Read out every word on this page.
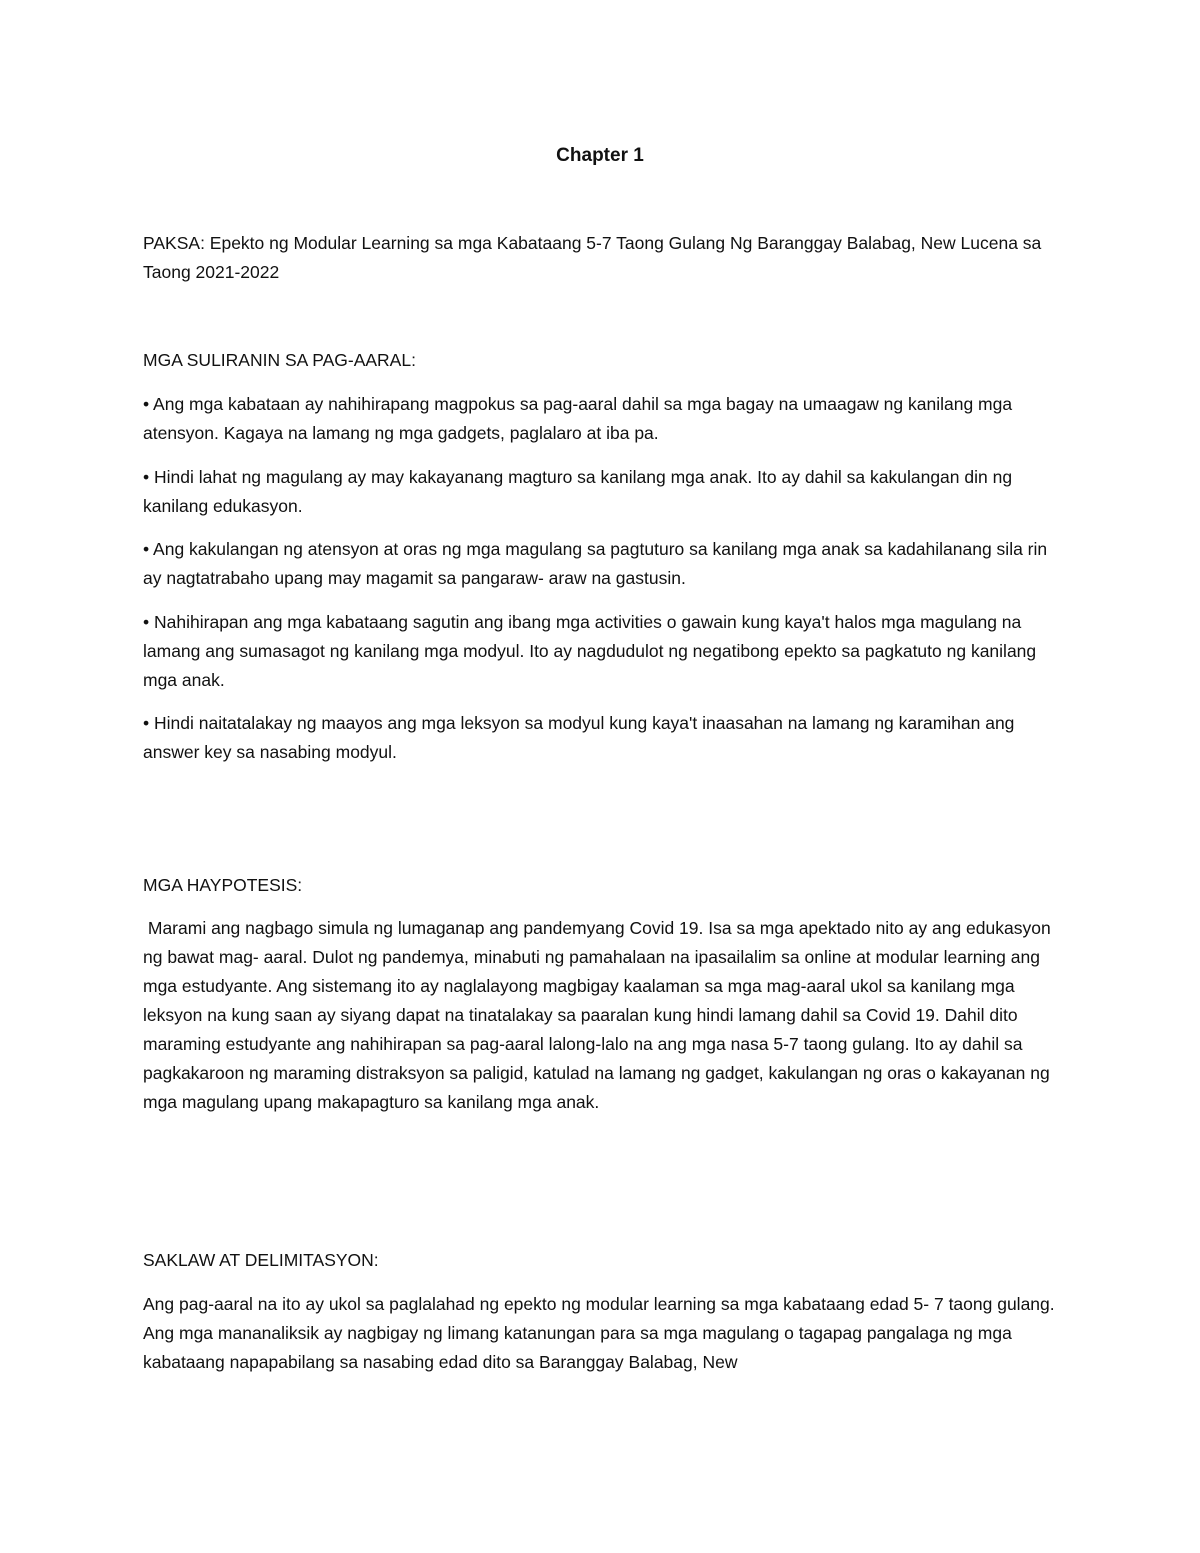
Chapter 1

PAKSA: Epekto ng Modular Learning sa mga Kabataang 5-7 Taong Gulang Ng Baranggay Balabag, New Lucena sa Taong 2021-2022

MGA SULIRANIN SA PAG-AARAL:

• Ang mga kabataan ay nahihirapang magpokus sa pag-aaral dahil sa mga bagay na umaagaw ng kanilang mga atensyon. Kagaya na lamang ng mga gadgets, paglalaro at iba pa.

• Hindi lahat ng magulang ay may kakayanang magturo sa kanilang mga anak. Ito ay dahil sa kakulangan din ng kanilang edukasyon.

• Ang kakulangan ng atensyon at oras ng mga magulang sa pagtuturo sa kanilang mga anak sa kadahilanang sila rin ay nagtatrabaho upang may magamit sa pangaraw- araw na gastusin.

• Nahihirapan ang mga kabataang sagutin ang ibang mga activities o gawain kung kaya't halos mga magulang na lamang ang sumasagot ng kanilang mga modyul. Ito ay nagdudulot ng negatibong epekto sa pagkatuto ng kanilang mga anak.

• Hindi naitatalakay ng maayos ang mga leksyon sa modyul kung kaya't inaasahan na lamang ng karamihan ang answer key sa nasabing modyul.

MGA HAYPOTESIS:

Marami ang nagbago simula ng lumaganap ang pandemyang Covid 19. Isa sa mga apektado nito ay ang edukasyon ng bawat mag- aaral. Dulot ng pandemya, minabuti ng pamahalaan na ipasailalim sa online at modular learning ang mga estudyante. Ang sistemang ito ay naglalayong magbigay kaalaman sa mga mag-aaral ukol sa kanilang mga leksyon na kung saan ay siyang dapat na tinatalakay sa paaralan kung hindi lamang dahil sa Covid 19. Dahil dito maraming estudyante ang nahihirapan sa pag-aaral lalong-lalo na ang mga nasa 5-7 taong gulang. Ito ay dahil sa pagkakaroon ng maraming distraksyon sa paligid, katulad na lamang ng gadget, kakulangan ng oras o kakayanan ng mga magulang upang makapagturo sa kanilang mga anak.

SAKLAW AT DELIMITASYON:

Ang pag-aaral na ito ay ukol sa paglalahad ng epekto ng modular learning sa mga kabataang edad 5- 7 taong gulang. Ang mga mananaliksik ay nagbigay ng limang katanungan para sa mga magulang o tagapag pangalaga ng mga kabataang napapabilang sa nasabing edad dito sa Baranggay Balabag, New
